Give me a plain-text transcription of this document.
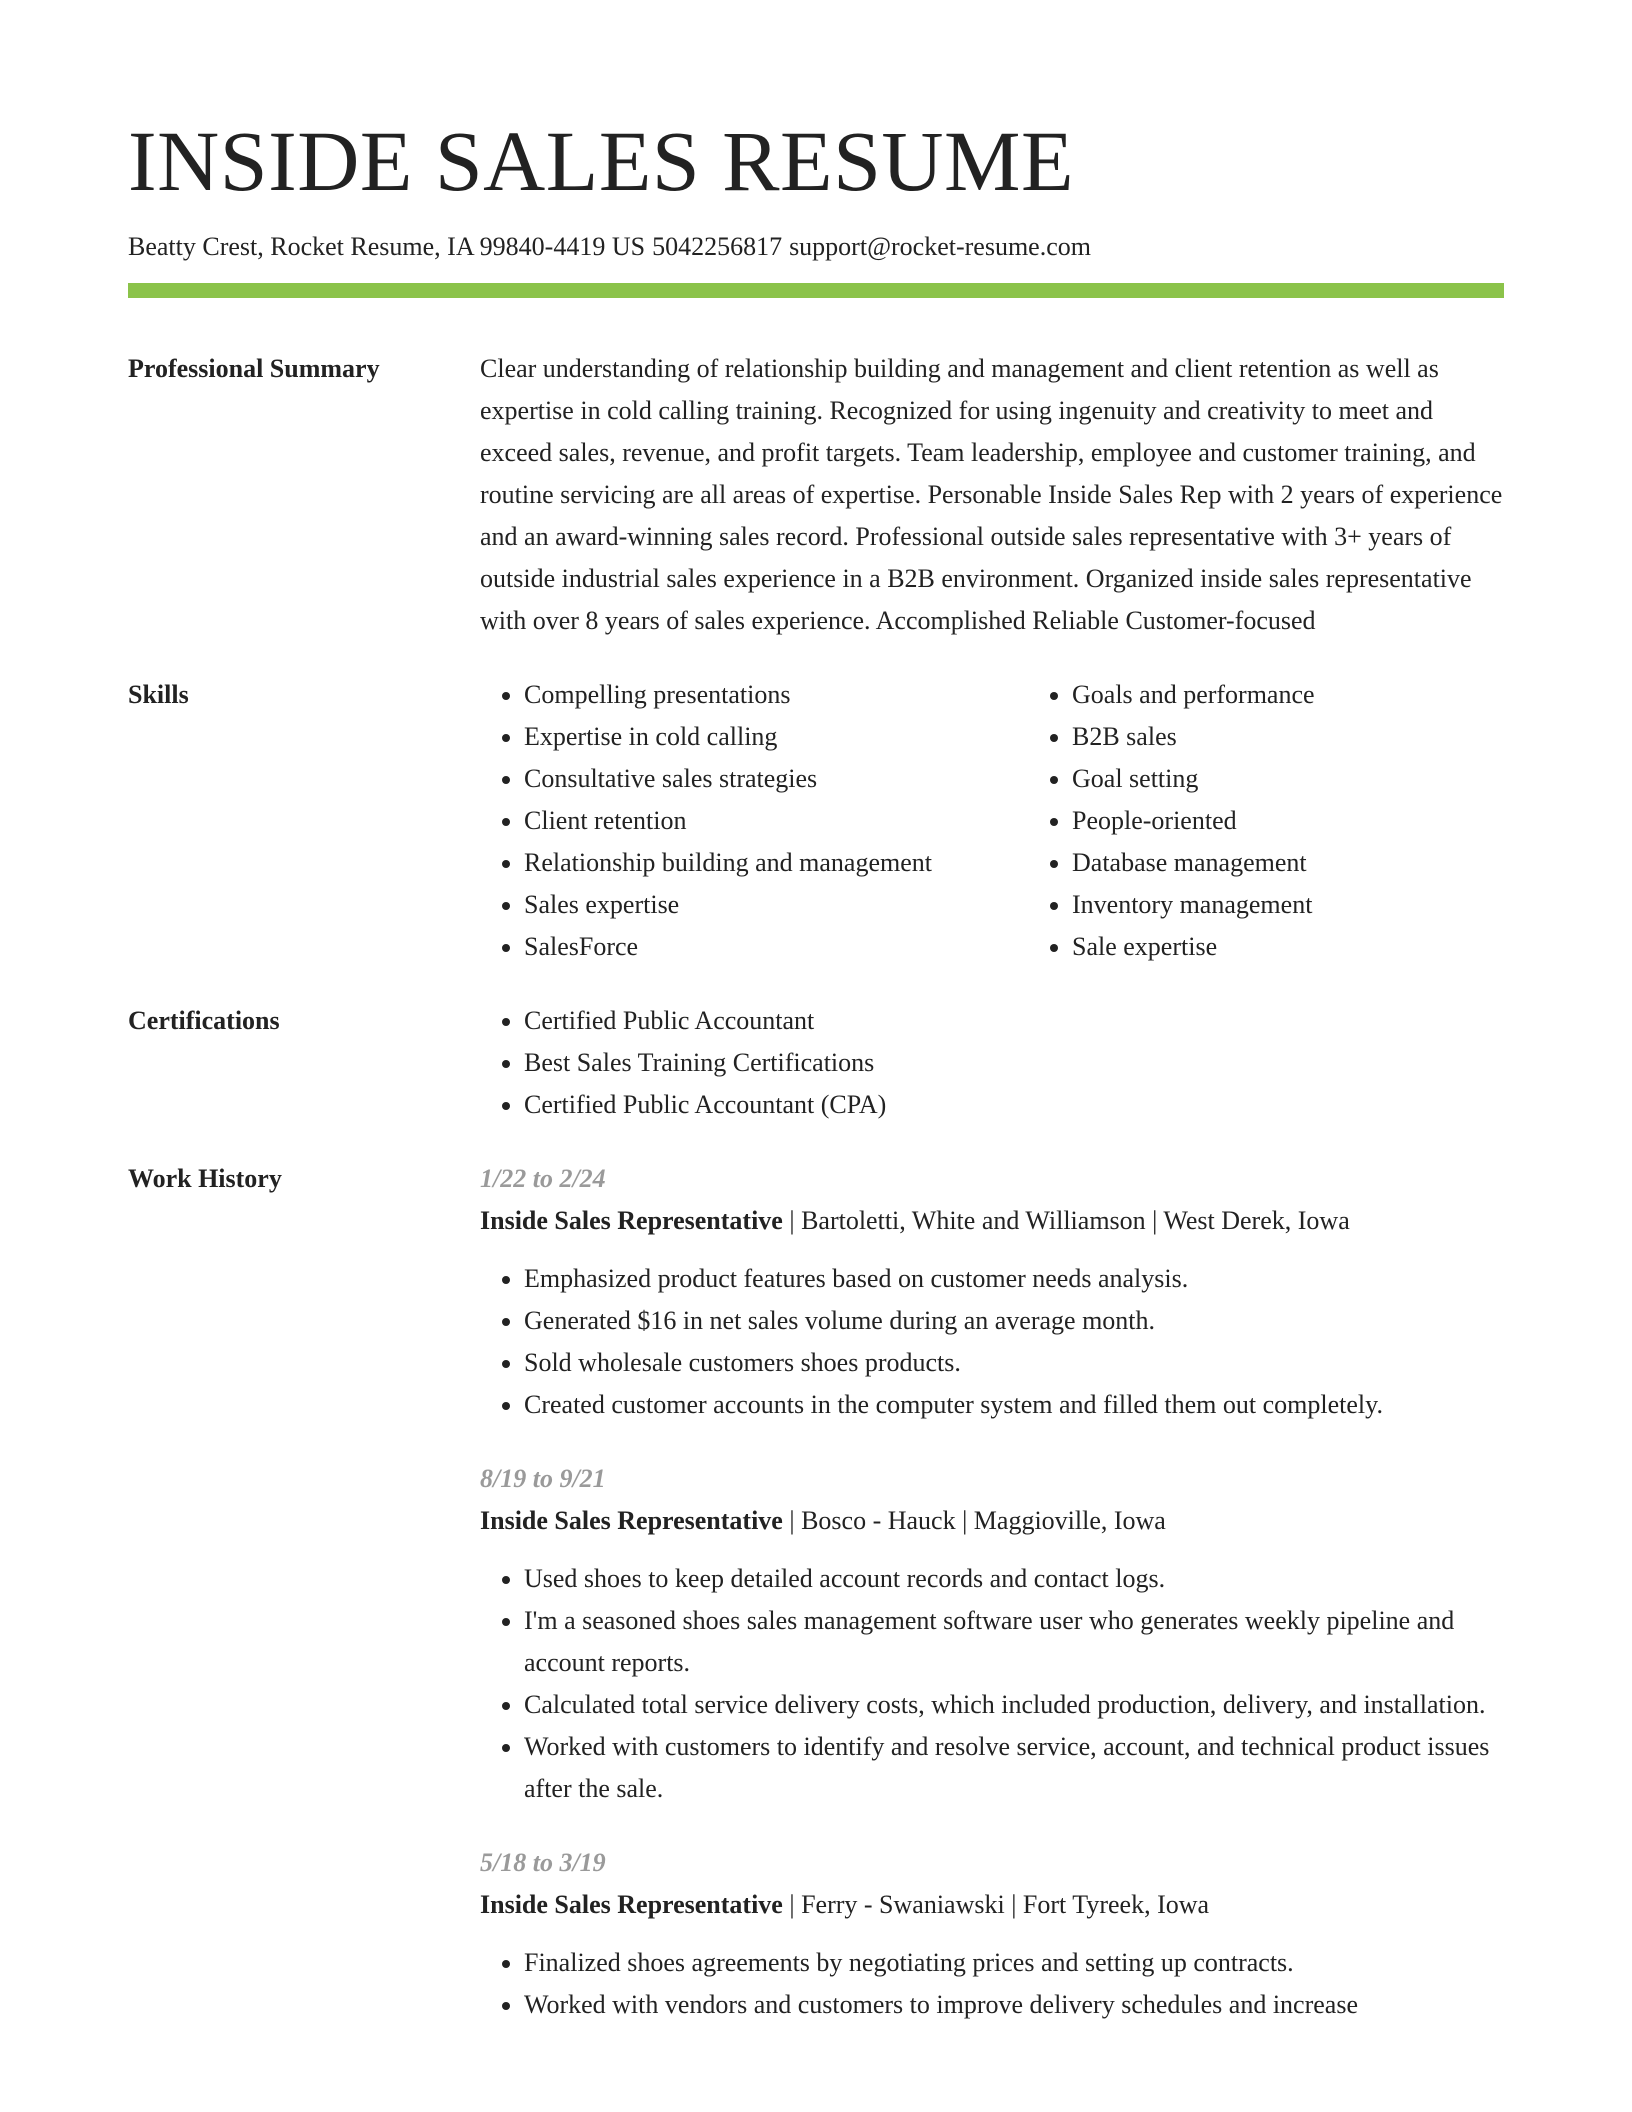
INSIDE SALES RESUME
Beatty Crest, Rocket Resume, IA 99840-4419 US 5042256817 support@rocket-resume.com
Professional Summary	Clear understanding of relationship building and management and client retention as well as expertise in cold calling training. Recognized for using ingenuity and creativity to meet and exceed sales, revenue, and profit targets. Team leadership, employee and customer training, and routine servicing are all areas of expertise. Personable Inside Sales Rep with 2 years of experience and an award-winning sales record. Professional outside sales representative with 3+ years of outside industrial sales experience in a B2B environment. Organized inside sales representative with over 8 years of sales experience. Accomplished Reliable Customer-focused
Skills	• Compelling presentations
• Expertise in cold calling
• Consultative sales strategies
• Client retention
• Relationship building and management
• Sales expertise
• SalesForce
• Goals and performance
• B2B sales
• Goal setting
• People-oriented
• Database management
• Inventory management
• Sale expertise
Certifications	• Certified Public Accountant
• Best Sales Training Certifications
• Certified Public Accountant (CPA)
Work History	1/22 to 2/24
Inside Sales Representative | Bartoletti, White and Williamson | West Derek, Iowa
• Emphasized product features based on customer needs analysis.
• Generated $16 in net sales volume during an average month.
• Sold wholesale customers shoes products.
• Created customer accounts in the computer system and filled them out completely.
8/19 to 9/21
Inside Sales Representative | Bosco - Hauck | Maggioville, Iowa
• Used shoes to keep detailed account records and contact logs.
• I'm a seasoned shoes sales management software user who generates weekly pipeline and account reports.
• Calculated total service delivery costs, which included production, delivery, and installation.
• Worked with customers to identify and resolve service, account, and technical product issues after the sale.
5/18 to 3/19
Inside Sales Representative | Ferry - Swaniawski | Fort Tyreek, Iowa
• Finalized shoes agreements by negotiating prices and setting up contracts.
• Worked with vendors and customers to improve delivery schedules and increase
